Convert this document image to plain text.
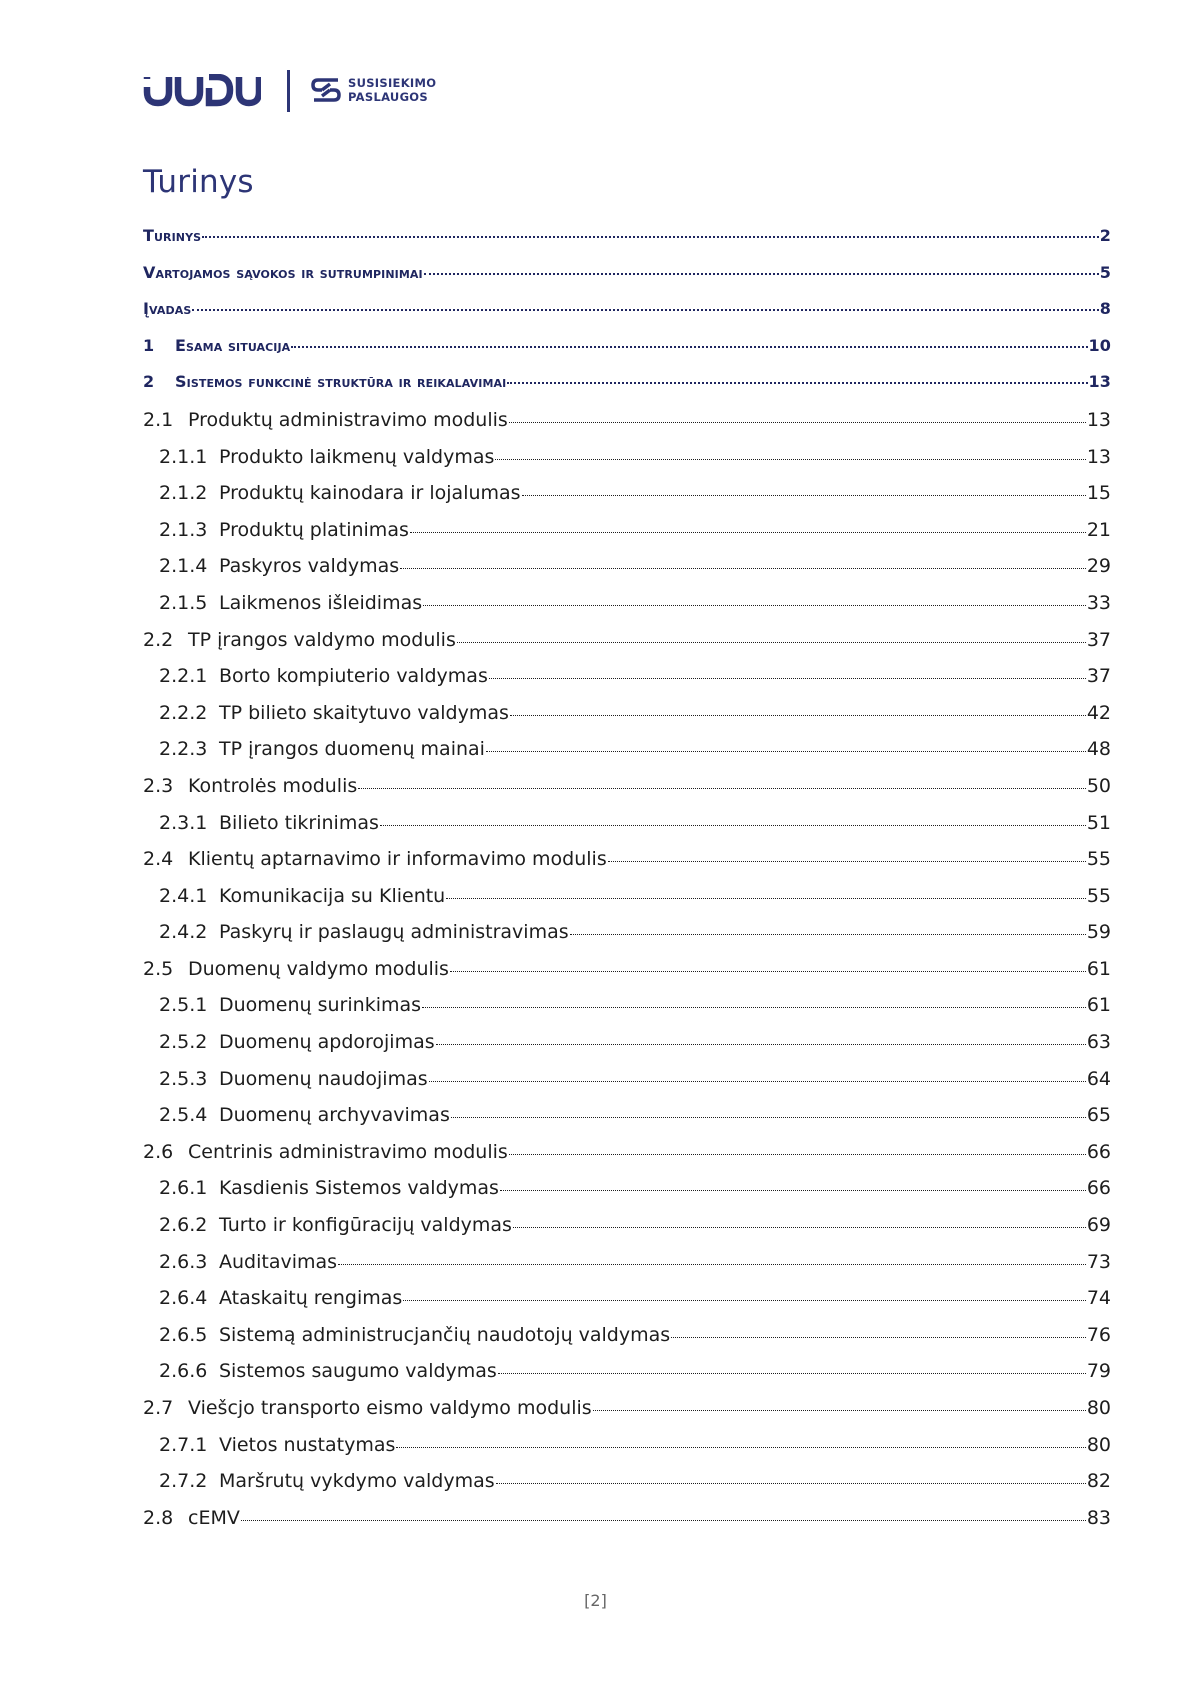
SUSISIEKIMO
PASLAUGOS
Turinys
Turinys	2
Vartojamos sąvokos ir sutrumpinimai	5
Įvadas	8
1	Esama situacija	10
2	Sistemos funkcinė struktūra ir reikalavimai	13
2.1 Produktų administravimo modulis	13
2.1.1 Produkto laikmenų valdymas	13
2.1.2 Produktų kainodara ir lojalumas	15
2.1.3 Produktų platinimas	21
2.1.4 Paskyros valdymas	29
2.1.5 Laikmenos išleidimas	33
2.2 TP įrangos valdymo modulis	37
2.2.1 Borto kompiuterio valdymas	37
2.2.2 TP bilieto skaitytuvo valdymas	42
2.2.3 TP įrangos duomenų mainai	48
2.3 Kontrolės modulis	50
2.3.1 Bilieto tikrinimas	51
2.4 Klientų aptarnavimo ir informavimo modulis	55
2.4.1 Komunikacija su Klientu	55
2.4.2 Paskyrų ir paslaugų administravimas	59
2.5 Duomenų valdymo modulis	61
2.5.1 Duomenų surinkimas	61
2.5.2 Duomenų apdorojimas	63
2.5.3 Duomenų naudojimas	64
2.5.4 Duomenų archyvavimas	65
2.6 Centrinis administravimo modulis	66
2.6.1 Kasdienis Sistemos valdymas	66
2.6.2 Turto ir konfigūracijų valdymas	69
2.6.3 Auditavimas	73
2.6.4 Ataskaitų rengimas	74
2.6.5 Sistemą administrucjančių naudotojų valdymas	76
2.6.6 Sistemos saugumo valdymas	79
2.7 Viešcjo transporto eismo valdymo modulis	80
2.7.1 Vietos nustatymas	80
2.7.2 Maršrutų vykdymo valdymas	82
2.8 cEMV	83
[2]
